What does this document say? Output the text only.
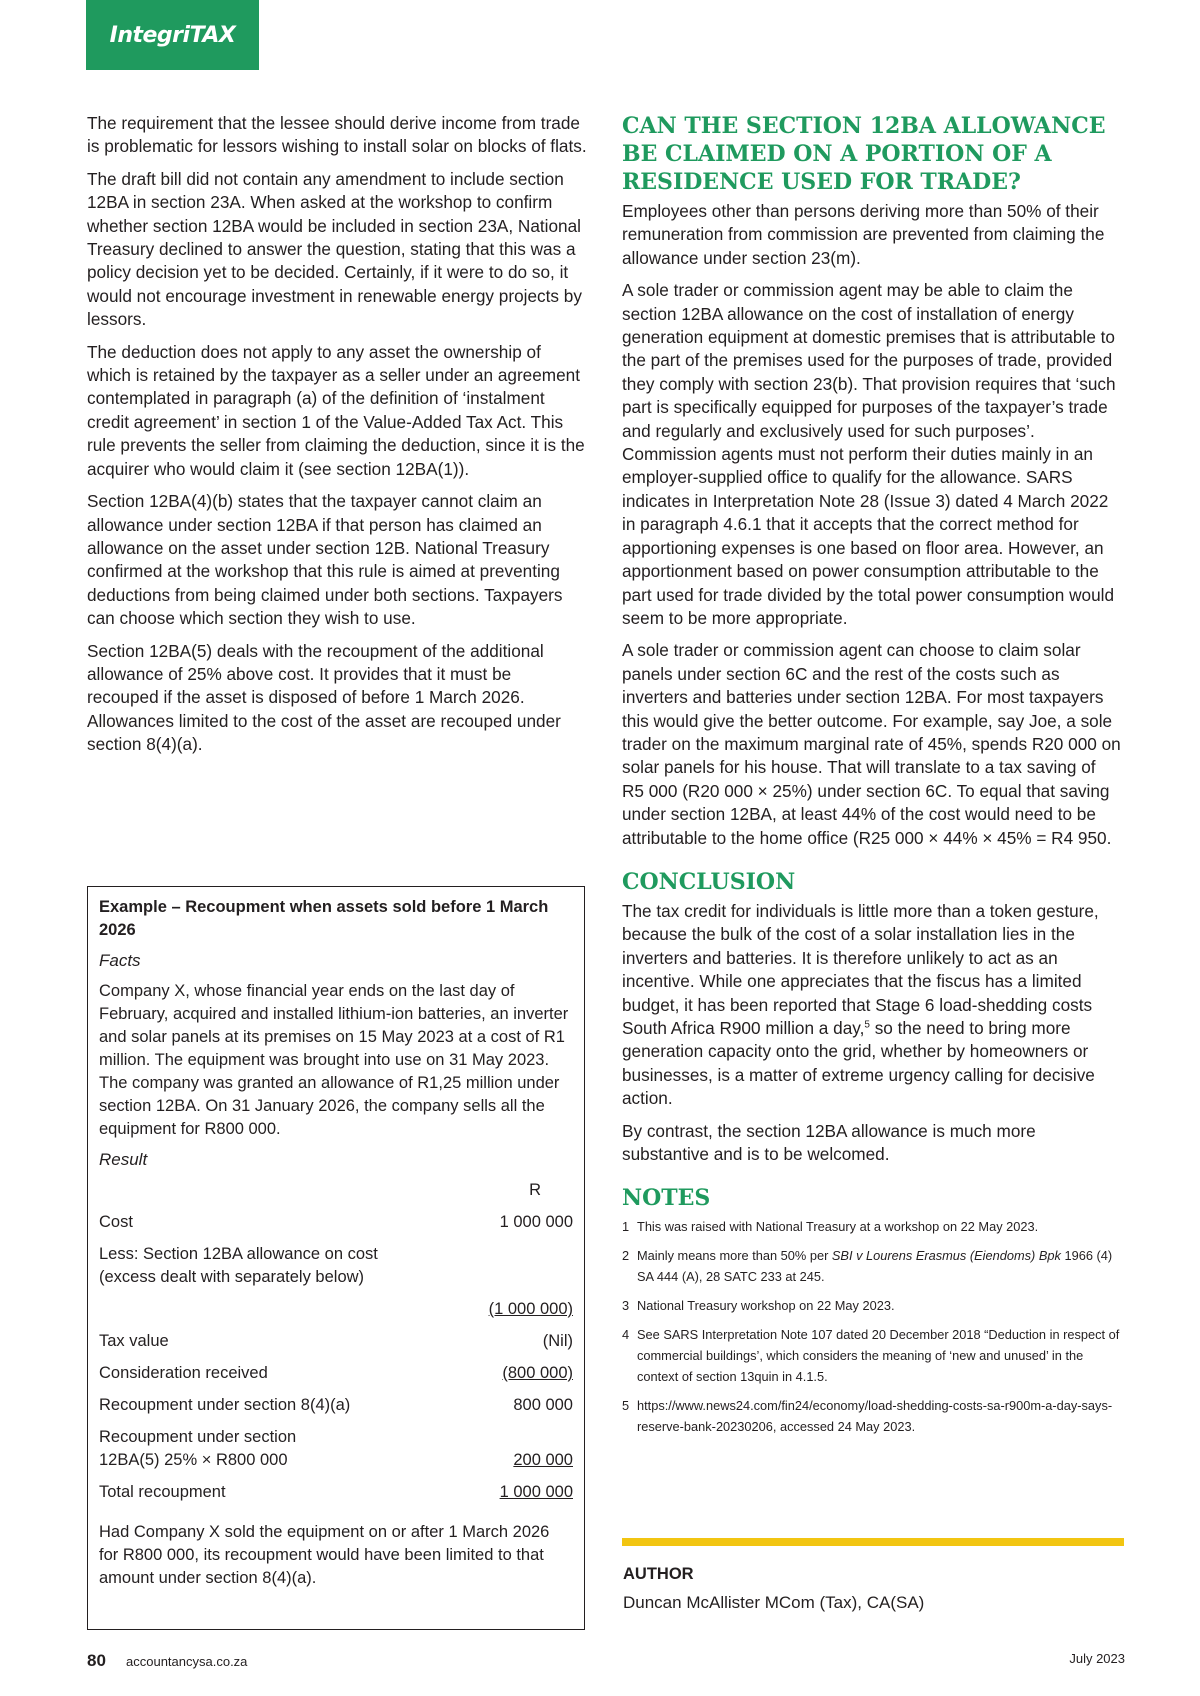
IntegriTAX

The requirement that the lessee should derive income from trade is problematic for lessors wishing to install solar on blocks of flats.

The draft bill did not contain any amendment to include section 12BA in section 23A. When asked at the workshop to confirm whether section 12BA would be included in section 23A, National Treasury declined to answer the question, stating that this was a policy decision yet to be decided. Certainly, if it were to do so, it would not encourage investment in renewable energy projects by lessors.

The deduction does not apply to any asset the ownership of which is retained by the taxpayer as a seller under an agreement contemplated in paragraph (a) of the definition of ‘instalment credit agreement’ in section 1 of the Value-Added Tax Act. This rule prevents the seller from claiming the deduction, since it is the acquirer who would claim it (see section 12BA(1)).

Section 12BA(4)(b) states that the taxpayer cannot claim an allowance under section 12BA if that person has claimed an allowance on the asset under section 12B. National Treasury confirmed at the workshop that this rule is aimed at preventing deductions from being claimed under both sections. Taxpayers can choose which section they wish to use.

Section 12BA(5) deals with the recoupment of the additional allowance of 25% above cost. It provides that it must be recouped if the asset is disposed of before 1 March 2026. Allowances limited to the cost of the asset are recouped under section 8(4)(a).

Example – Recoupment when assets sold before 1 March 2026
Facts

Company X, whose financial year ends on the last day of February, acquired and installed lithium-ion batteries, an inverter and solar panels at its premises on 15 May 2023 at a cost of R1 million. The equipment was brought into use on 31 May 2023. The company was granted an allowance of R1,25 million under section 12BA. On 31 January 2026, the company sells all the equipment for R800 000.

Result
	R
Cost	1 000 000
Less: Section 12BA allowance on cost	
(excess dealt with separately below)	
	(1 000 000)
Tax value	(Nil)
Consideration received	(800 000)
Recoupment under section 8(4)(a)	800 000
Recoupment under section	
12BA(5) 25% × R800 000	200 000
Total recoupment	1 000 000

Had Company X sold the equipment on or after 1 March 2026 for R800 000, its recoupment would have been limited to that amount under section 8(4)(a).

CAN THE SECTION 12BA ALLOWANCE BE CLAIMED ON A PORTION OF A RESIDENCE USED FOR TRADE?

Employees other than persons deriving more than 50% of their remuneration from commission are prevented from claiming the allowance under section 23(m).

A sole trader or commission agent may be able to claim the section 12BA allowance on the cost of installation of energy generation equipment at domestic premises that is attributable to the part of the premises used for the purposes of trade, provided they comply with section 23(b). That provision requires that ‘such part is specifically equipped for purposes of the taxpayer’s trade and regularly and exclusively used for such purposes’. Commission agents must not perform their duties mainly in an employer-supplied office to qualify for the allowance. SARS indicates in Interpretation Note 28 (Issue 3) dated 4 March 2022 in paragraph 4.6.1 that it accepts that the correct method for apportioning expenses is one based on floor area. However, an apportionment based on power consumption attributable to the part used for trade divided by the total power consumption would seem to be more appropriate.

A sole trader or commission agent can choose to claim solar panels under section 6C and the rest of the costs such as inverters and batteries under section 12BA. For most taxpayers this would give the better outcome. For example, say Joe, a sole trader on the maximum marginal rate of 45%, spends R20 000 on solar panels for his house. That will translate to a tax saving of R5 000 (R20 000 × 25%) under section 6C. To equal that saving under section 12BA, at least 44% of the cost would need to be attributable to the home office (R25 000 × 44% × 45% = R4 950.

CONCLUSION

The tax credit for individuals is little more than a token gesture, because the bulk of the cost of a solar installation lies in the inverters and batteries. It is therefore unlikely to act as an incentive. While one appreciates that the fiscus has a limited budget, it has been reported that Stage 6 load-shedding costs South Africa R900 million a day,$^5$ so the need to bring more generation capacity onto the grid, whether by homeowners or businesses, is a matter of extreme urgency calling for decisive action.

By contrast, the section 12BA allowance is much more substantive and is to be welcomed.

NOTES
1 This was raised with National Treasury at a workshop on 22 May 2023.
2 Mainly means more than 50% per SBI v Lourens Erasmus (Eiendoms) Bpk 1966 (4) SA 444 (A), 28 SATC 233 at 245.
3 National Treasury workshop on 22 May 2023.
4 See SARS Interpretation Note 107 dated 20 December 2018 “Deduction in respect of commercial buildings’, which considers the meaning of ‘new and unused’ in the context of section 13quin in 4.1.5.
5 https://www.news24.com/fin24/economy/load-shedding-costs-sa-r900m-a-day-says-reserve-bank-20230206, accessed 24 May 2023.
AUTHOR
Duncan McAllister MCom (Tax), CA(SA)
80 accountancysa.co.za	July 2023
